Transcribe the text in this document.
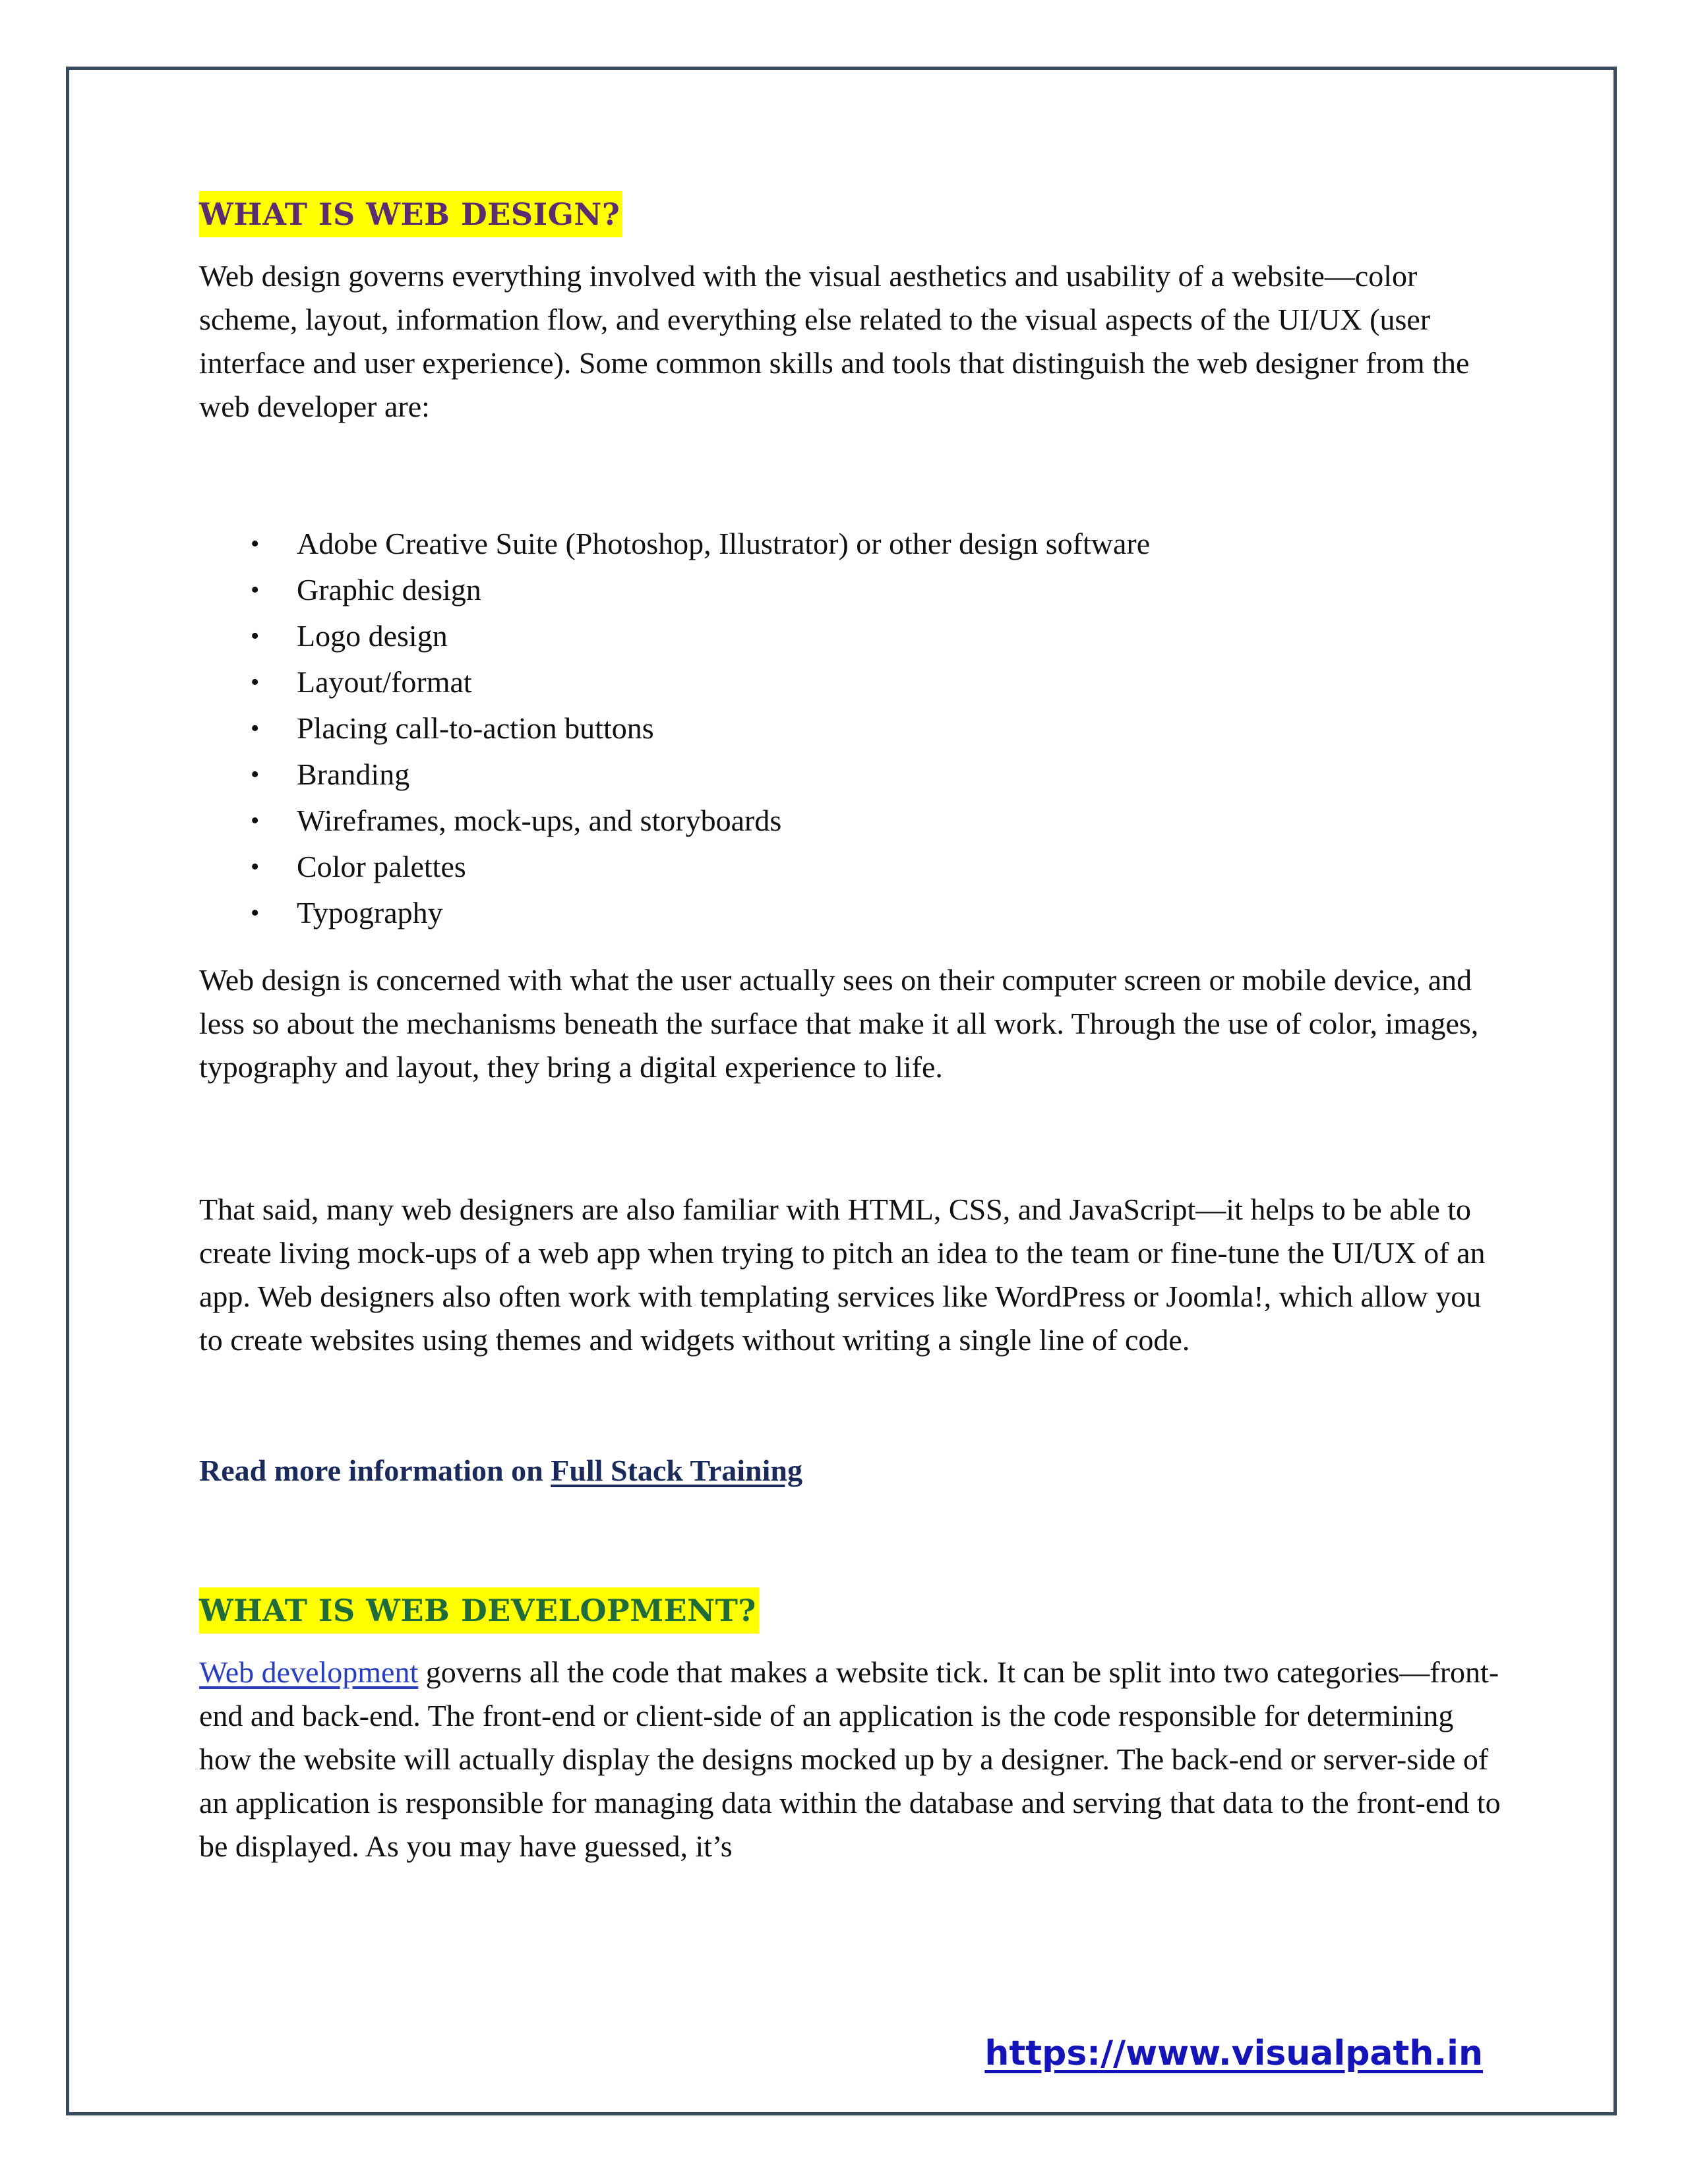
WHAT IS WEB DESIGN?

Web design governs everything involved with the visual aesthetics and usability of a website—color scheme, layout, information flow, and everything else related to the visual aspects of the UI/UX (user interface and user experience). Some common skills and tools that distinguish the web designer from the web developer are:

• Adobe Creative Suite (Photoshop, Illustrator) or other design software
• Graphic design
• Logo design
• Layout/format
• Placing call-to-action buttons
• Branding
• Wireframes, mock-ups, and storyboards
• Color palettes
• Typography

Web design is concerned with what the user actually sees on their computer screen or mobile device, and less so about the mechanisms beneath the surface that make it all work. Through the use of color, images, typography and layout, they bring a digital experience to life.

That said, many web designers are also familiar with HTML, CSS, and JavaScript—it helps to be able to create living mock-ups of a web app when trying to pitch an idea to the team or fine-tune the UI/UX of an app. Web designers also often work with templating services like WordPress or Joomla!, which allow you to create websites using themes and widgets without writing a single line of code.

Read more information on Full Stack Training

WHAT IS WEB DEVELOPMENT?

Web development governs all the code that makes a website tick. It can be split into two categories—front-end and back-end. The front-end or client-side of an application is the code responsible for determining how the website will actually display the designs mocked up by a designer. The back-end or server-side of an application is responsible for managing data within the database and serving that data to the front-end to be displayed. As you may have guessed, it’s

https://www.visualpath.in
